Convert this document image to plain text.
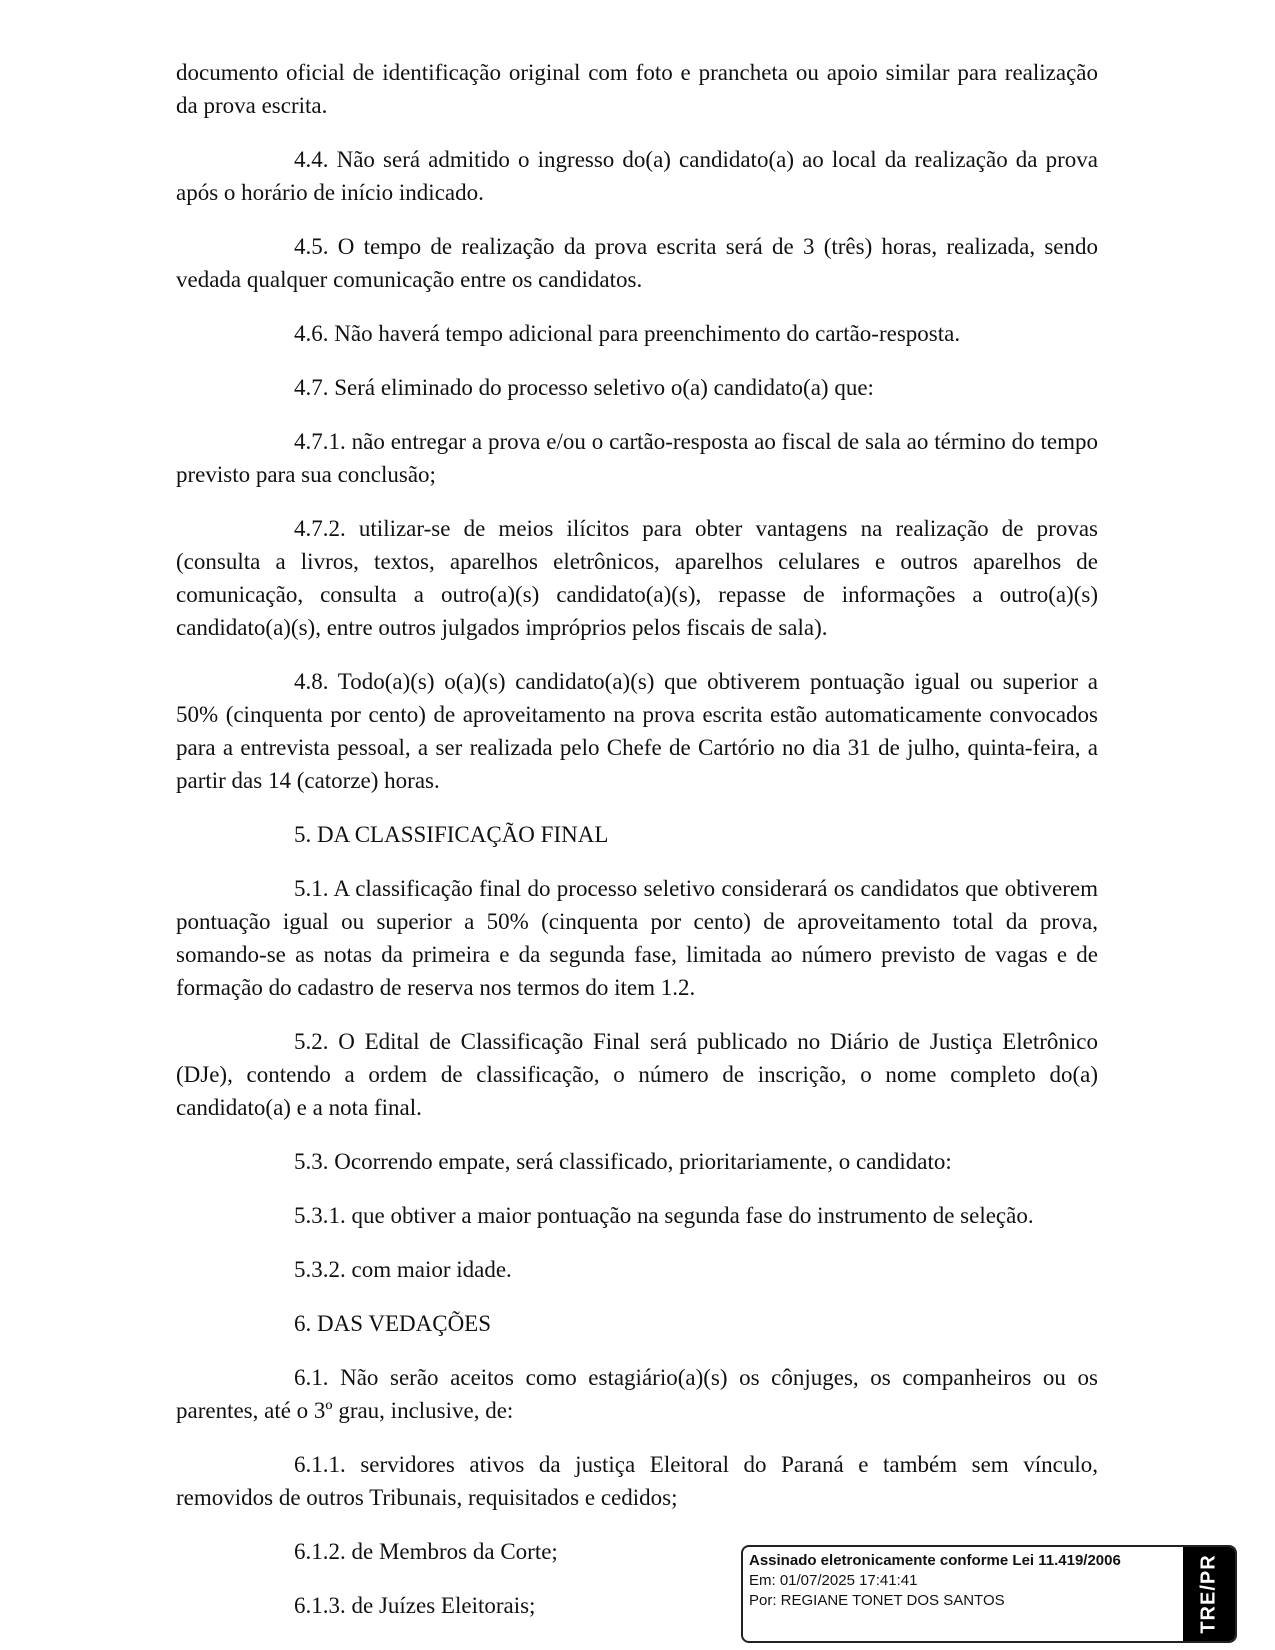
documento oficial de identificação original com foto e prancheta ou apoio similar para realização da prova escrita.

4.4. Não será admitido o ingresso do(a) candidato(a) ao local da realização da prova após o horário de início indicado.

4.5. O tempo de realização da prova escrita será de 3 (três) horas, realizada, sendo vedada qualquer comunicação entre os candidatos.

4.6. Não haverá tempo adicional para preenchimento do cartão-resposta.

4.7. Será eliminado do processo seletivo o(a) candidato(a) que:

4.7.1. não entregar a prova e/ou o cartão-resposta ao fiscal de sala ao término do tempo previsto para sua conclusão;

4.7.2. utilizar-se de meios ilícitos para obter vantagens na realização de provas (consulta a livros, textos, aparelhos eletrônicos, aparelhos celulares e outros aparelhos de comunicação, consulta a outro(a)(s) candidato(a)(s), repasse de informações a outro(a)(s) candidato(a)(s), entre outros julgados impróprios pelos fiscais de sala).

4.8. Todo(a)(s) o(a)(s) candidato(a)(s) que obtiverem pontuação igual ou superior a 50% (cinquenta por cento) de aproveitamento na prova escrita estão automaticamente convocados para a entrevista pessoal, a ser realizada pelo Chefe de Cartório no dia 31 de julho, quinta-feira, a partir das 14 (catorze) horas.

5. DA CLASSIFICAÇÃO FINAL

5.1. A classificação final do processo seletivo considerará os candidatos que obtiverem pontuação igual ou superior a 50% (cinquenta por cento) de aproveitamento total da prova, somando-se as notas da primeira e da segunda fase, limitada ao número previsto de vagas e de formação do cadastro de reserva nos termos do item 1.2.

5.2. O Edital de Classificação Final será publicado no Diário de Justiça Eletrônico (DJe), contendo a ordem de classificação, o número de inscrição, o nome completo do(a) candidato(a) e a nota final.

5.3. Ocorrendo empate, será classificado, prioritariamente, o candidato:

5.3.1. que obtiver a maior pontuação na segunda fase do instrumento de seleção.

5.3.2. com maior idade.

6. DAS VEDAÇÕES

6.1. Não serão aceitos como estagiário(a)(s) os cônjuges, os companheiros ou os parentes, até o 3º grau, inclusive, de:

6.1.1. servidores ativos da justiça Eleitoral do Paraná e também sem vínculo, removidos de outros Tribunais, requisitados e cedidos;

6.1.2. de Membros da Corte;

6.1.3. de Juízes Eleitorais;

Assinado eletronicamente conforme Lei 11.419/2006
Em: 01/07/2025 17:41:41
Por: REGIANE TONET DOS SANTOS	TRE/PR
